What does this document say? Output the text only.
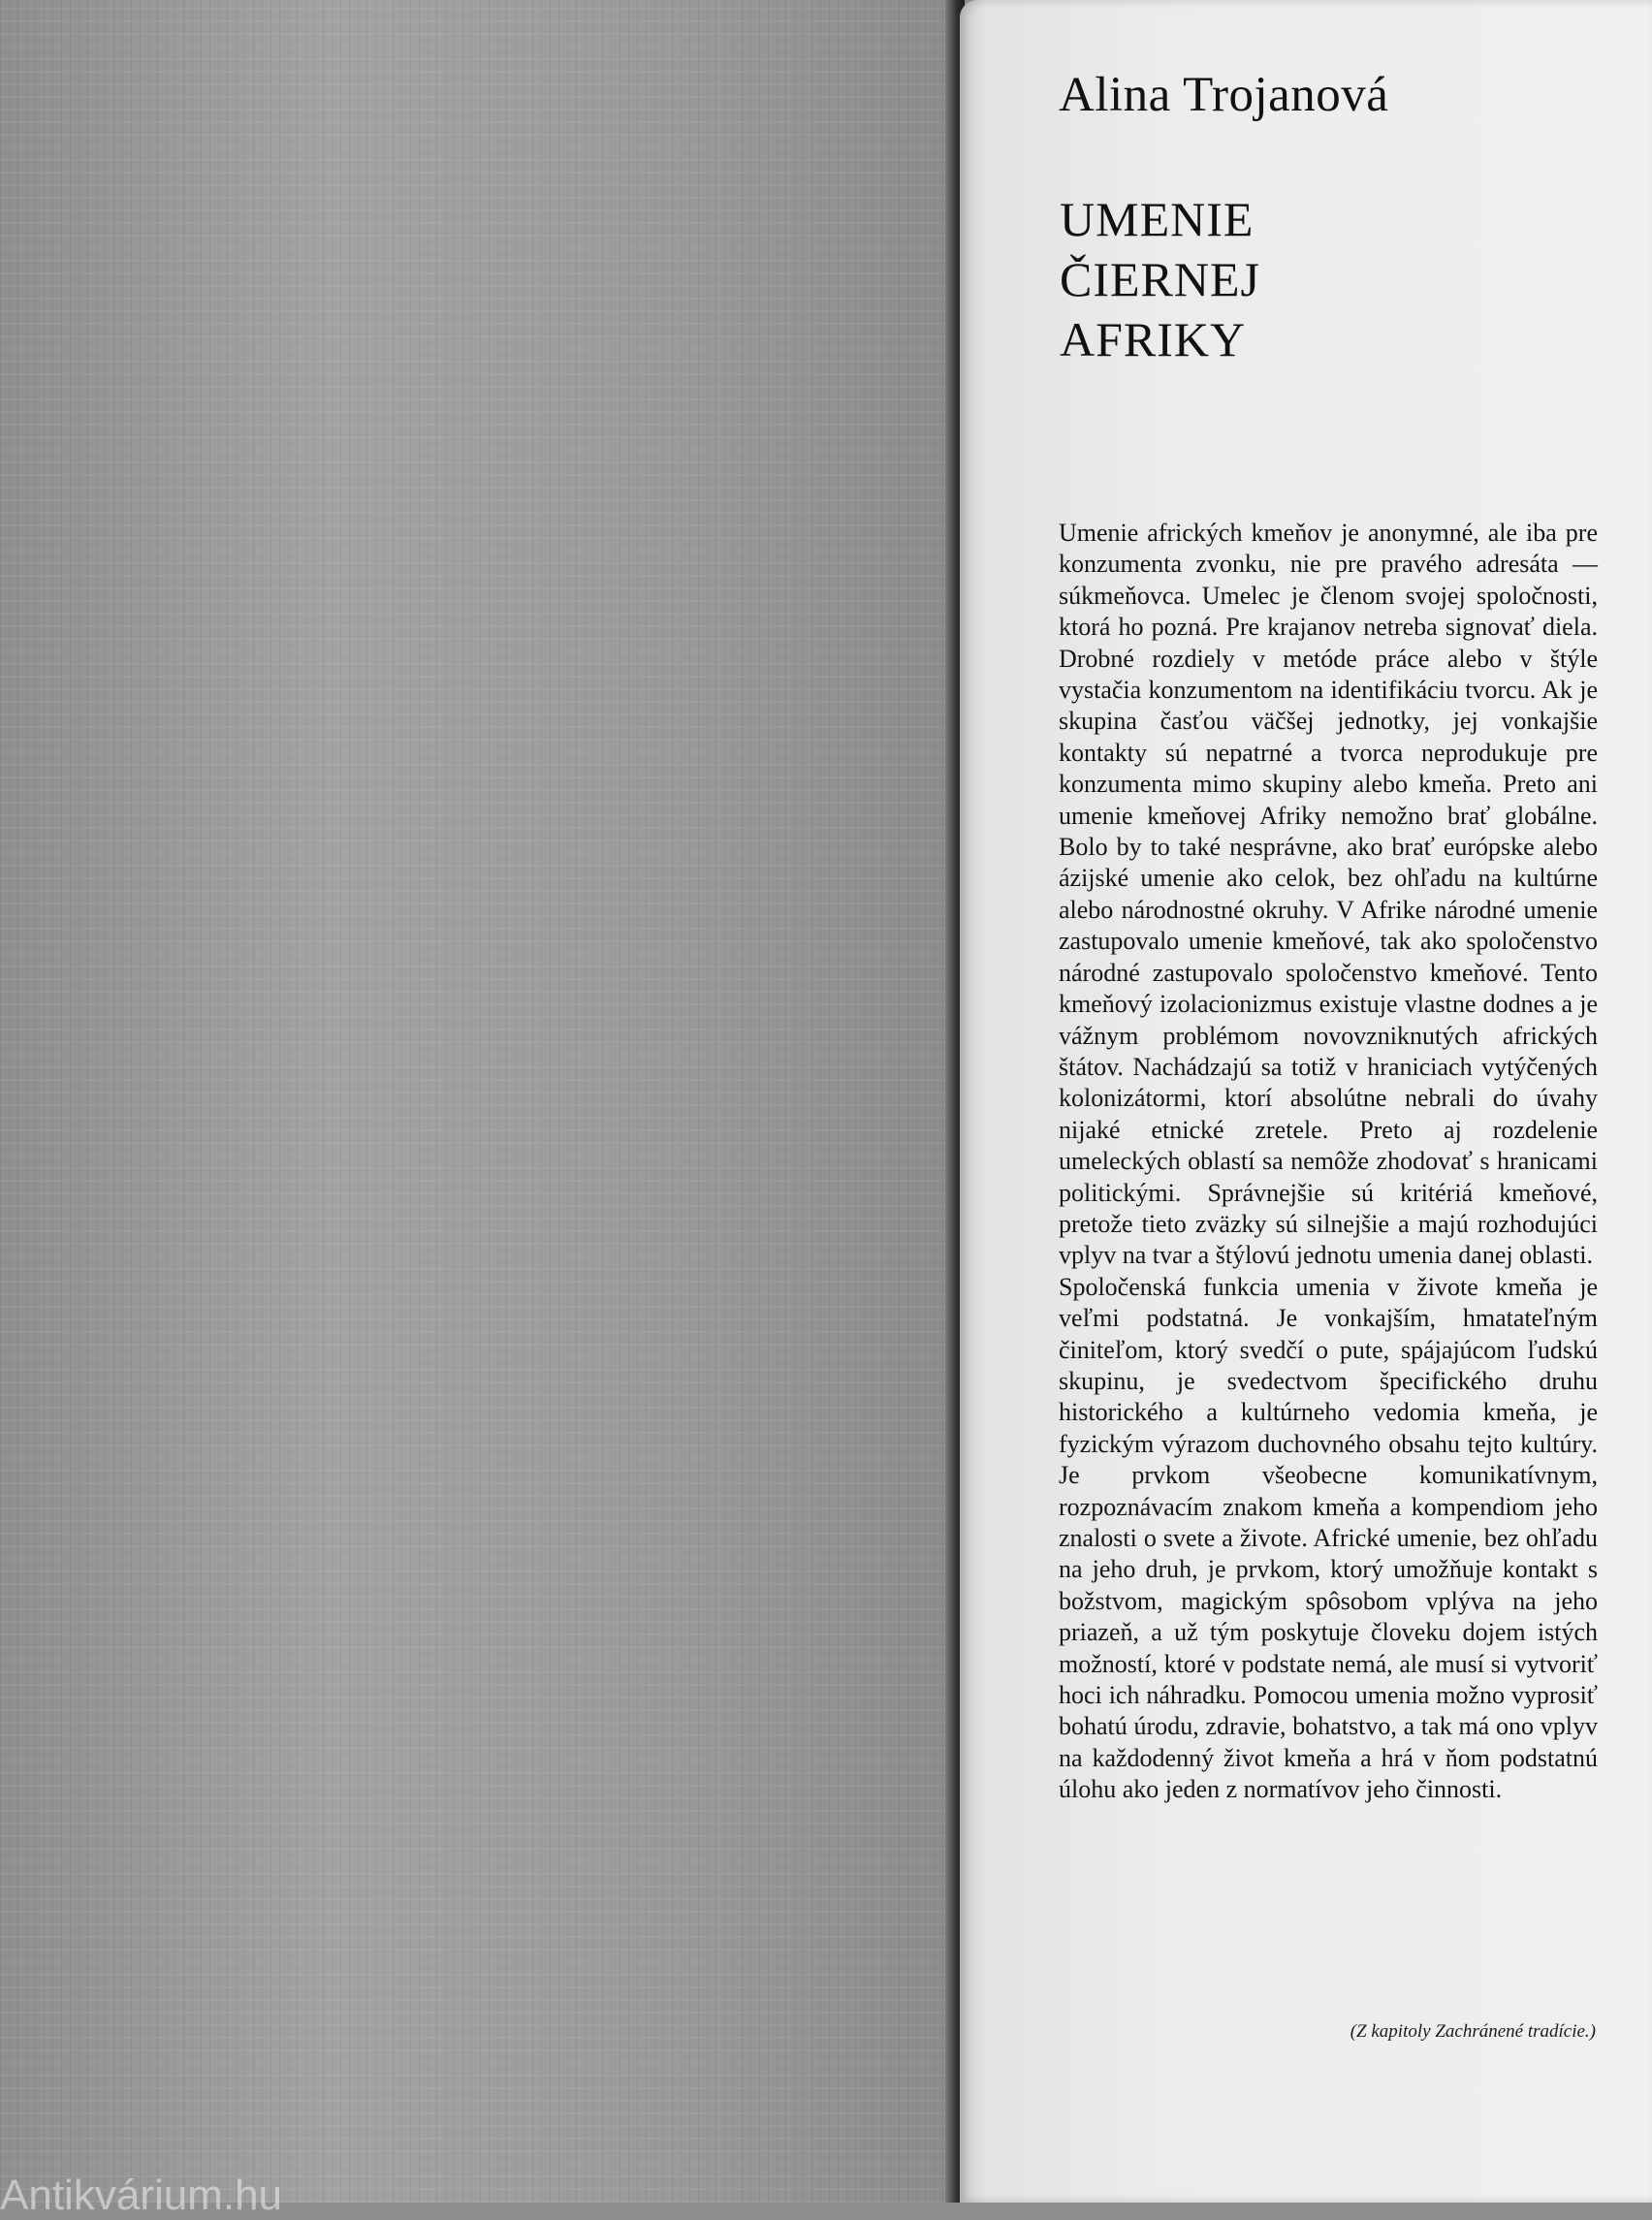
Alina Trojanová
UMENIE
ČIERNEJ
AFRIKY

Umenie afrických kmeňov je anonymné, ale iba pre konzumenta zvonku, nie pre pravého adresáta — súkmeňovca. Umelec je členom svojej spoločnosti, ktorá ho pozná. Pre krajanov netreba signovať diela. Drobné rozdiely v metóde práce alebo v štýle vystačia konzumentom na identifikáciu tvorcu. Ak je skupina časťou väčšej jednotky, jej vonkajšie kontakty sú nepatrné a tvorca neprodukuje pre konzumenta mimo skupiny alebo kmeňa. Preto ani umenie kmeňovej Afriky nemožno brať globálne. Bolo by to také nesprávne, ako brať európske alebo ázijské umenie ako celok, bez ohľadu na kultúrne alebo národnostné okruhy. V Afrike národné umenie zastupovalo umenie kmeňové, tak ako spoločenstvo národné zastupovalo spoločenstvo kmeňové. Tento kmeňový izolacionizmus existuje vlastne dodnes a je vážnym problémom novovzniknutých afrických štátov. Nachádzajú sa totiž v hraniciach vytýčených kolonizátormi, ktorí absolútne nebrali do úvahy nijaké etnické zretele. Preto aj rozdelenie umeleckých oblastí sa nemôže zhodovať s hranicami politickými. Správnejšie sú kritériá kmeňové, pretože tieto zväzky sú silnejšie a majú rozhodujúci vplyv na tvar a štýlovú jednotu umenia danej oblasti.

Spoločenská funkcia umenia v živote kmeňa je veľmi podstatná. Je vonkajším, hmatateľným činiteľom, ktorý svedčí o pute, spájajúcom ľudskú skupinu, je svedectvom špecifického druhu historického a kultúrneho vedomia kmeňa, je fyzickým výrazom duchovného obsahu tejto kultúry. Je prvkom všeobecne komunikatívnym, rozpoznávacím znakom kmeňa a kompendiom jeho znalosti o svete a živote. Africké umenie, bez ohľadu na jeho druh, je prvkom, ktorý umožňuje kontakt s božstvom, magickým spôsobom vplýva na jeho priazeň, a už tým poskytuje človeku dojem istých možností, ktoré v podstate nemá, ale musí si vytvoriť hoci ich náhradku. Pomocou umenia možno vyprosiť bohatú úrodu, zdravie, bohatstvo, a tak má ono vplyv na každodenný život kmeňa a hrá v ňom podstatnú úlohu ako jeden z normatívov jeho činnosti.

(Z kapitoly Zachránené tradície.)
Antikvárium.hu
